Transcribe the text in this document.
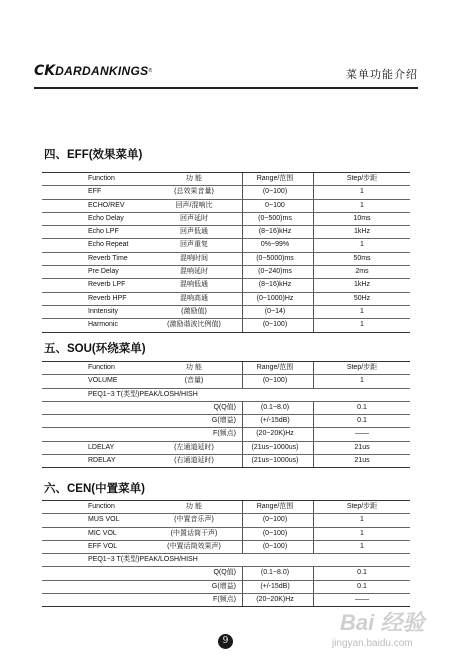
CK DARDANKINGS ®	菜单功能介绍
四、EFF(效果菜单)
Function	功 能	Range/范围	Step/步距
EFF	(总效果音量)	(0~100)	1
ECHO/REV	回声/混响比	0~100	1
Echo Delay	回声延时	(0~500)ms	10ms
Echo LPF	回声低通	(8~16)kHz	1kHz
Echo Repeat	回声重复	0%~99%	1
Reverb Time	混响时间	(0~5000)ms	50ms
Pre Delay	混响延时	(0~240)ms	2ms
Reverb LPF	混响低通	(8~16)kHz	1kHz
Reverb HPF	混响高通	(0~1000)Hz	50Hz
Inntensity	(激励值)	(0~14)	1
Harmonic	(激励谐波比例值)	(0~100)	1
五、SOU(环绕菜单)
Function	功 能	Range/范围	Step/步距
VOLUME	(音量)	(0~100)	1
PEQ1~3 T(类型)PEAK/LOSH/HISH
Q(Q值)	(0.1~8.0)	0.1
G(增益)	(+/-15dB)	0.1
F(频点)	(20~20K)Hz	——
LDELAY	(左通道延时)	(21us~1000us)	21us
RDELAY	(右通道延时)	(21us~1000us)	21us
六、CEN(中置菜单)
Function	功 能	Range/范围	Step/步距
MUS VOL	(中置音乐声)	(0~100)	1
MIC VOL	(中置话筒干声)	(0~100)	1
EFF VOL	(中置话筒效果声)	(0~100)	1
PEQ1~3 T(类型)PEAK/LOSH/HISH
Q(Q值)	(0.1~8.0)	0.1
G(增益)	(+/-15dB)	0.1
F(频点)	(20~20K)Hz	——
9
Bai 经验
jingyan.baidu.com
